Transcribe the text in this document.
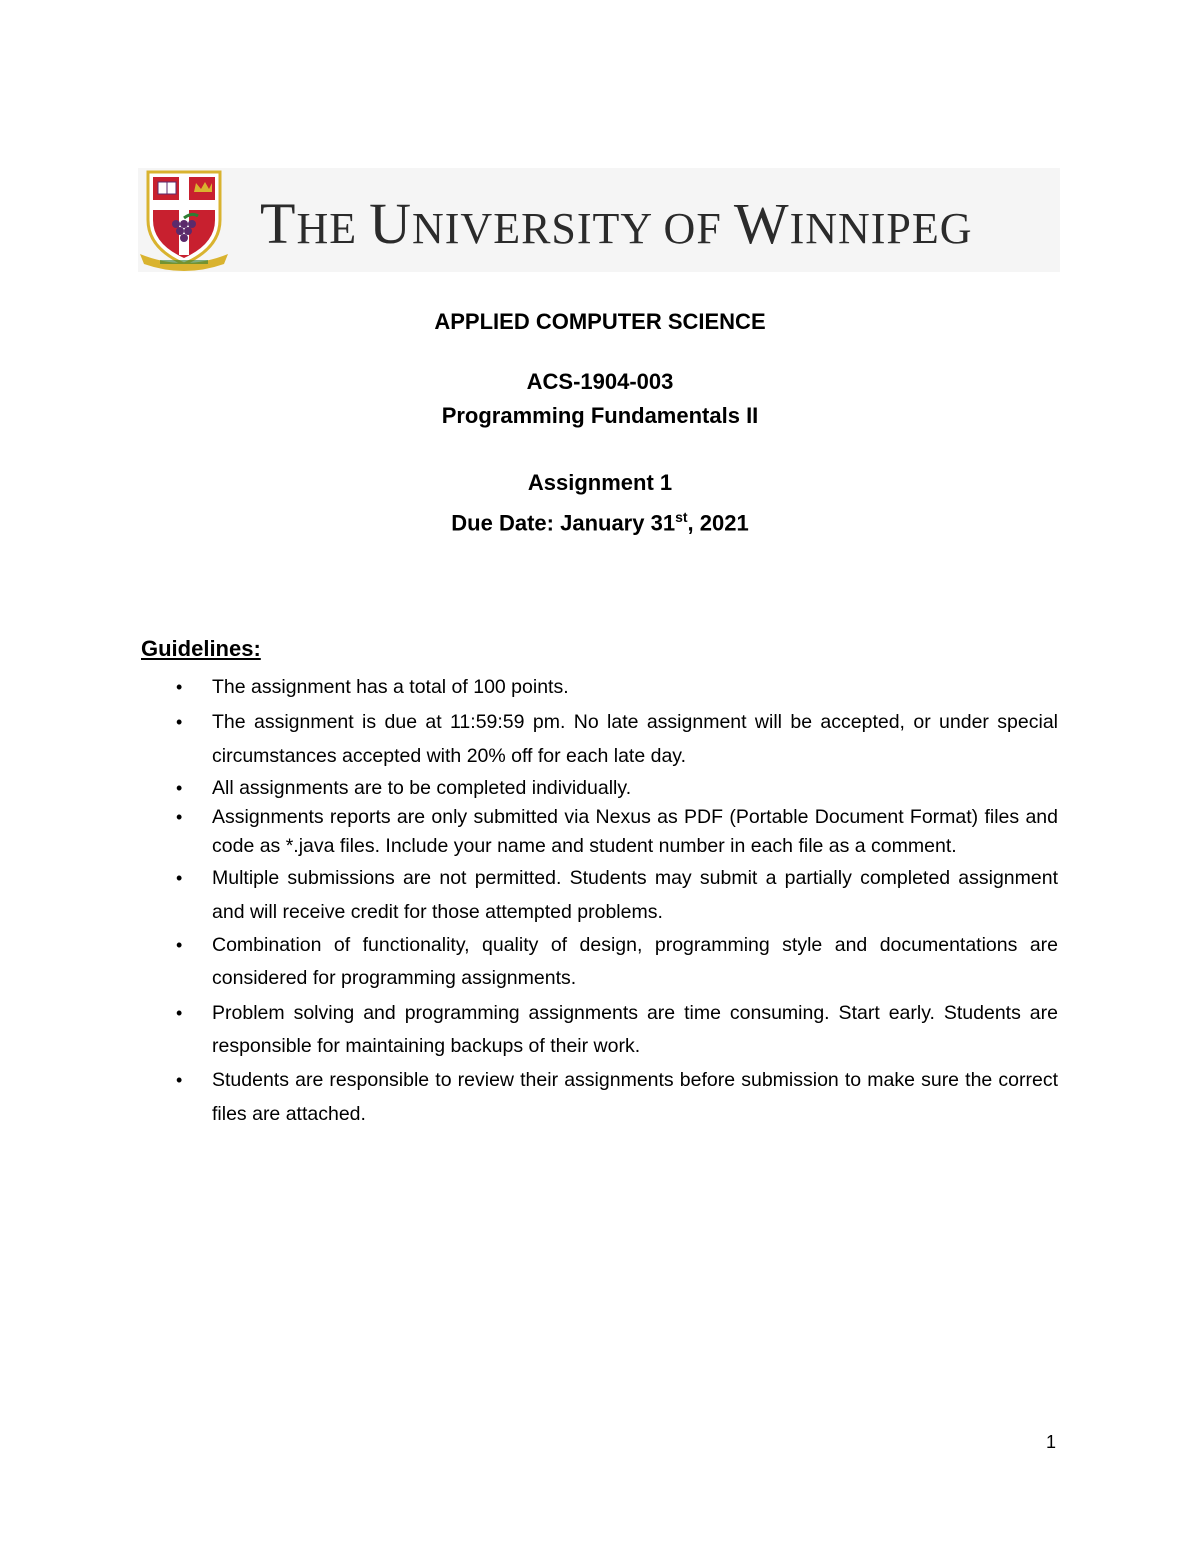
THE UNIVERSITY OF WINNIPEG
APPLIED COMPUTER SCIENCE
ACS-1904-003
Programming Fundamentals II
Assignment 1
Due Date: January 31st, 2021
Guidelines:
• The assignment has a total of 100 points.
• The assignment is due at 11:59:59 pm. No late assignment will be accepted, or under special circumstances accepted with 20% off for each late day.
• All assignments are to be completed individually.
• Assignments reports are only submitted via Nexus as PDF (Portable Document Format) files and code as *.java files. Include your name and student number in each file as a comment.
• Multiple submissions are not permitted. Students may submit a partially completed assignment and will receive credit for those attempted problems.
• Combination of functionality, quality of design, programming style and documentations are considered for programming assignments.
• Problem solving and programming assignments are time consuming. Start early. Students are responsible for maintaining backups of their work.
• Students are responsible to review their assignments before submission to make sure the correct files are attached.
1
